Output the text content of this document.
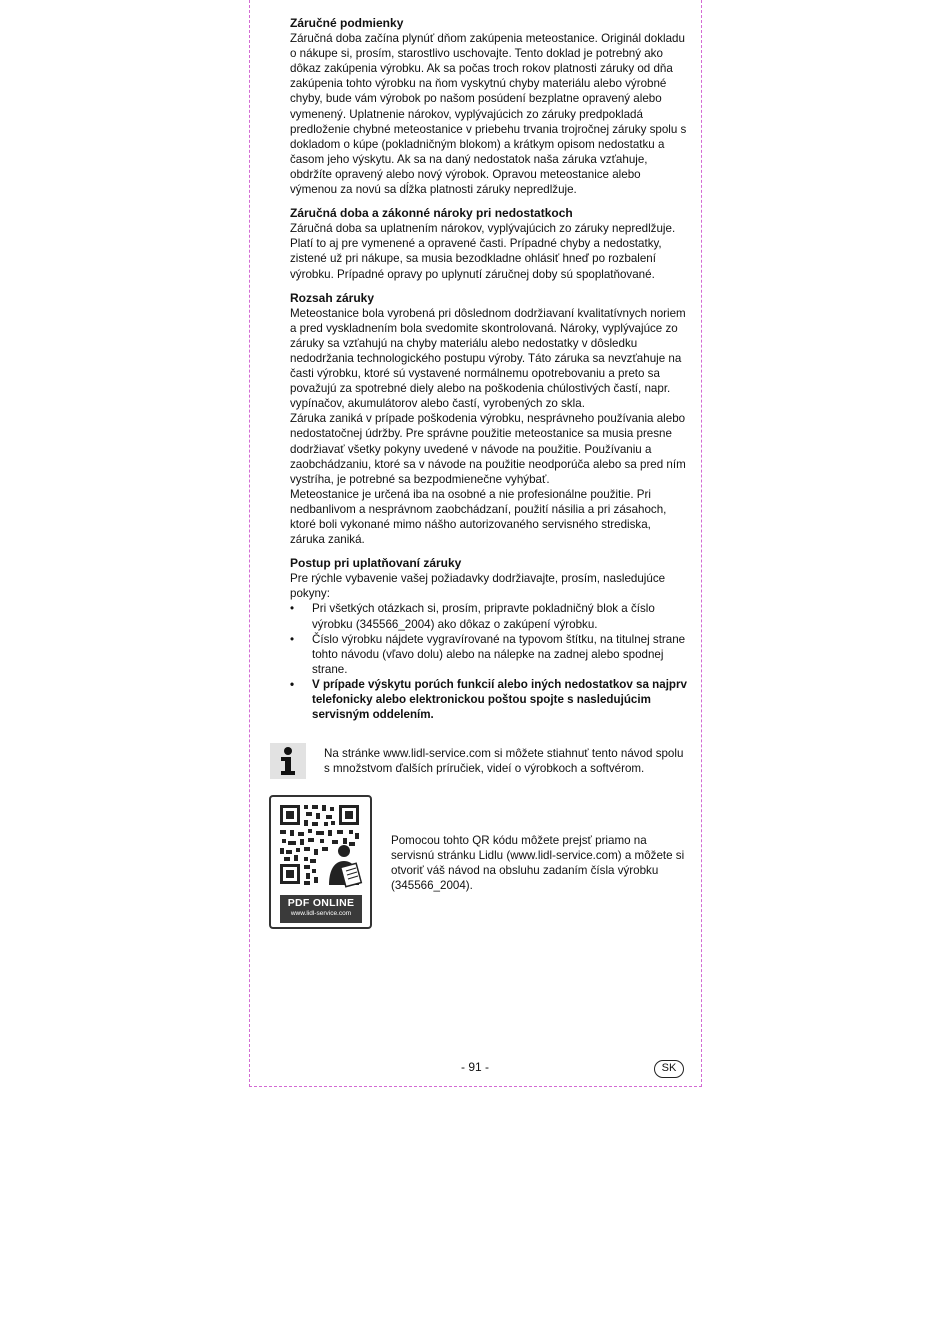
Záručné podmienky

Záručná doba začína plynúť dňom zakúpenia meteostanice. Originál dokladu o nákupe si, prosím, starostlivo uschovajte. Tento doklad je potrebný ako dôkaz zakúpenia výrobku. Ak sa počas troch rokov platnosti záruky od dňa zakúpenia tohto výrobku na ňom vyskytnú chyby materiálu alebo výrobné chyby, bude vám výrobok po našom posúdení bezplatne opravený alebo vymenený. Uplatnenie nárokov, vyplývajúcich zo záruky predpokladá predloženie chybné meteostanice v priebehu trvania trojročnej záruky spolu s dokladom o kúpe (pokladničným blokom) a krátkym opisom nedostatku a časom jeho výskytu. Ak sa na daný nedostatok naša záruka vzťahuje, obdržíte opravený alebo nový výrobok. Opravou meteostanice alebo výmenou za novú sa dĺžka platnosti záruky nepredlžuje.

Záručná doba a zákonné nároky pri nedostatkoch

Záručná doba sa uplatnením nárokov, vyplývajúcich zo záruky nepredlžuje. Platí to aj pre vymenené a opravené časti. Prípadné chyby a nedostatky, zistené už pri nákupe, sa musia bezodkladne ohlásiť hneď po rozbalení výrobku. Prípadné opravy po uplynutí záručnej doby sú spoplatňované.

Rozsah záruky

Meteostanice bola vyrobená pri dôslednom dodržiavaní kvalitatívnych noriem a pred vyskladnením bola svedomite skontrolovaná. Nároky, vyplývajúce zo záruky sa vzťahujú na chyby materiálu alebo nedostatky v dôsledku nedodržania technologického postupu výroby. Táto záruka sa nevzťahuje na časti výrobku, ktoré sú vystavené normálnemu opotrebovaniu a preto sa považujú za spotrebné diely alebo na poškodenia chúlostivých častí, napr. vypínačov, akumulátorov alebo častí, vyrobených zo skla.

Záruka zaniká v prípade poškodenia výrobku, nesprávneho používania alebo nedostatočnej údržby. Pre správne použitie meteostanice sa musia presne dodržiavať všetky pokyny uvedené v návode na použitie. Používaniu a zaobchádzaniu, ktoré sa v návode na použitie neodporúča alebo sa pred ním vystríha, je potrebné sa bezpodmienečne vyhýbať.

Meteostanice je určená iba na osobné a nie profesionálne použitie. Pri nedbanlivom a nesprávnom zaobchádzaní, použití násilia a pri zásahoch, ktoré boli vykonané mimo nášho autorizovaného servisného strediska, záruka zaniká.

Postup pri uplatňovaní záruky

Pre rýchle vybavenie vašej požiadavky dodržiavajte, prosím, nasledujúce pokyny:

• Pri všetkých otázkach si, prosím, pripravte pokladničný blok a číslo výrobku (345566_2004) ako dôkaz o zakúpení výrobku.
• Číslo výrobku nájdete vygravírované na typovom štítku, na titulnej strane tohto návodu (vľavo dolu) alebo na nálepke na zadnej alebo spodnej strane.
• V prípade výskytu porúch funkcií alebo iných nedostatkov sa najprv telefonicky alebo elektronickou poštou spojte s nasledujúcim servisným oddelením.
Na stránke www.lidl-service.com si môžete stiahnuť tento návod spolu s množstvom ďalších príručiek, videí o výrobkoch a softvérom.
PDF ONLINE
www.lidl-service.com
Pomocou tohto QR kódu môžete prejsť priamo na servisnú stránku Lidlu (www.lidl-service.com) a môžete si otvoriť váš návod na obsluhu zadaním čísla výrobku (345566_2004).
- 91 -	SK
